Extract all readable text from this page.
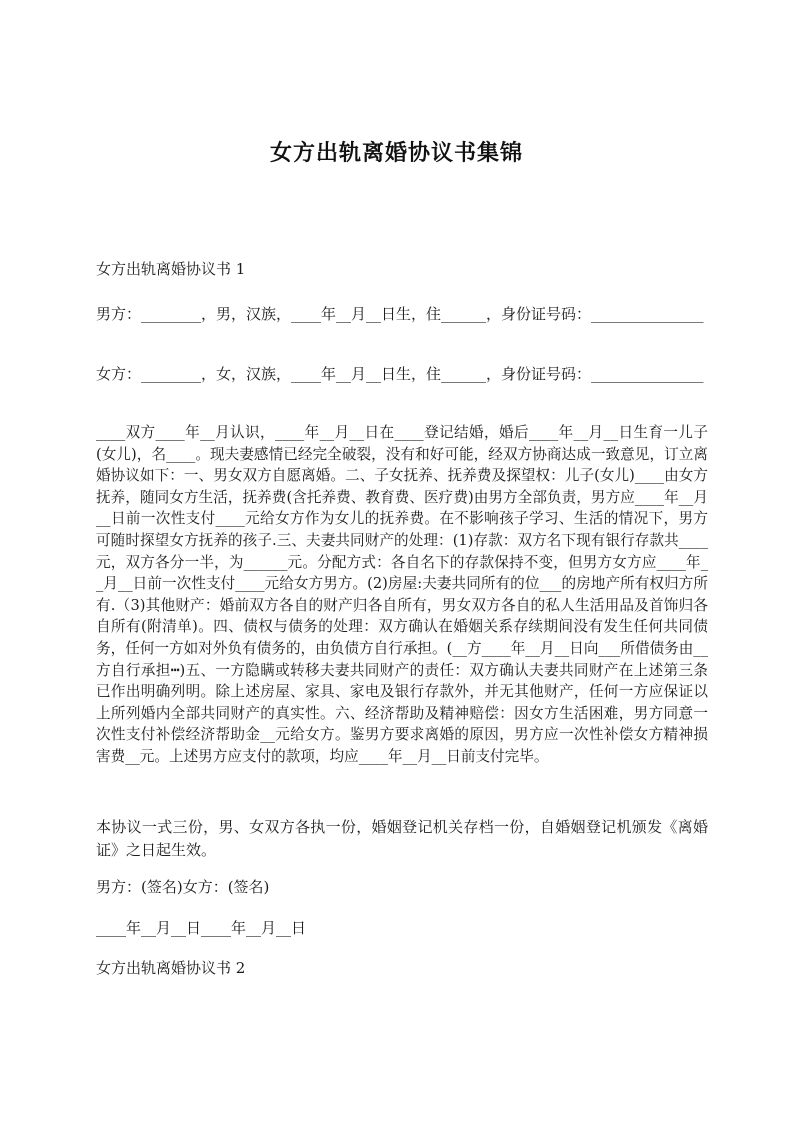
女方出轨离婚协议书集锦
女方出轨离婚协议书 1
男方：________，男，汉族，____年__月__日生，住______，身份证号码：_______________
女方：________，女，汉族，____年__月__日生，住______，身份证号码：_______________
____双方____年__月认识，____年__月__日在____登记结婚，婚后____年__月__日生育一儿子(女儿)，名____。现夫妻感情已经完全破裂，没有和好可能，经双方协商达成一致意见，订立离婚协议如下：一、男女双方自愿离婚。二、子女抚养、抚养费及探望权：儿子(女儿)____由女方抚养，随同女方生活，抚养费(含托养费、教育费、医疗费)由男方全部负责，男方应____年__月__日前一次性支付____元给女方作为女儿的抚养费。在不影响孩子学习、生活的情况下，男方可随时探望女方抚养的孩子.三、夫妻共同财产的处理：(1)存款：双方名下现有银行存款共____元，双方各分一半，为______元。分配方式：各自名下的存款保持不变，但男方女方应____年__月__日前一次性支付____元给女方男方。(2)房屋:夫妻共同所有的位___的房地产所有权归方所有.（3)其他财产：婚前双方各自的财产归各自所有，男女双方各自的私人生活用品及首饰归各自所有(附清单)。四、债权与债务的处理：双方确认在婚姻关系存续期间没有发生任何共同债务，任何一方如对外负有债务的，由负债方自行承担。(__方____年__月__日向___所借债务由__方自行承担┅)五、一方隐瞒或转移夫妻共同财产的责任：双方确认夫妻共同财产在上述第三条已作出明确列明。除上述房屋、家具、家电及银行存款外，并无其他财产，任何一方应保证以上所列婚内全部共同财产的真实性。六、经济帮助及精神赔偿：因女方生活困难，男方同意一次性支付补偿经济帮助金__元给女方。鉴男方要求离婚的原因，男方应一次性补偿女方精神损害费__元。上述男方应支付的款项，均应____年__月__日前支付完毕。
本协议一式三份，男、女双方各执一份，婚姻登记机关存档一份，自婚姻登记机颁发《离婚证》之日起生效。
男方：(签名)女方：(签名)
____年__月__日____年__月__日
女方出轨离婚协议书 2
